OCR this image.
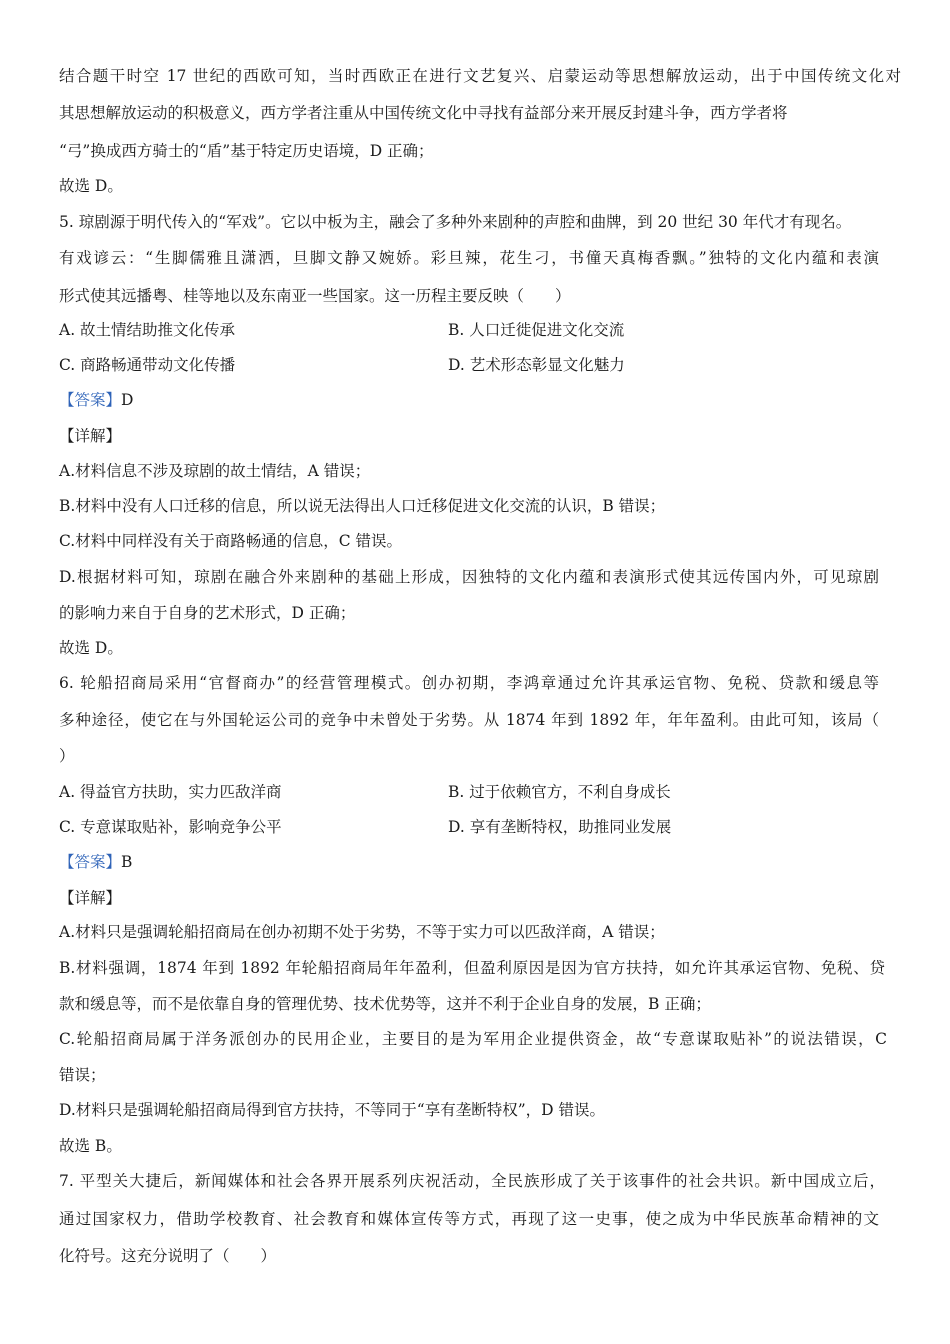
结合题干时空 17 世纪的西欧可知，当时西欧正在进行文艺复兴、启蒙运动等思想解放运动，出于中国传统文化对
其思想解放运动的积极意义，西方学者注重从中国传统文化中寻找有益部分来开展反封建斗争，西方学者将
“弓”换成西方骑士的“盾”基于特定历史语境，D 正确；
故选 D。
5. 琼剧源于明代传入的“军戏”。它以中板为主，融会了多种外来剧种的声腔和曲牌，到 20 世纪 30 年代才有现名。
有戏谚云：“生脚儒雅且潇洒，旦脚文静又婉娇。彩旦辣，花生刁，书僮天真梅香飘。”独特的文化内蕴和表演
形式使其远播粤、桂等地以及东南亚一些国家。这一历程主要反映（　　）
A. 故土情结助推文化传承	B. 人口迁徙促进文化交流
C. 商路畅通带动文化传播	D. 艺术形态彰显文化魅力
【答案】D
【详解】
A.材料信息不涉及琼剧的故土情结，A 错误；
B.材料中没有人口迁移的信息，所以说无法得出人口迁移促进文化交流的认识，B 错误；
C.材料中同样没有关于商路畅通的信息，C 错误。
D.根据材料可知，琼剧在融合外来剧种的基础上形成，因独特的文化内蕴和表演形式使其远传国内外，可见琼剧
的影响力来自于自身的艺术形式，D 正确；
故选 D。
6. 轮船招商局采用“官督商办”的经营管理模式。创办初期，李鸿章通过允许其承运官物、免税、贷款和缓息等
多种途径，使它在与外国轮运公司的竞争中未曾处于劣势。从 1874 年到 1892 年，年年盈利。由此可知，该局（
）
A. 得益官方扶助，实力匹敌洋商	B. 过于依赖官方，不利自身成长
C. 专意谋取贴补，影响竞争公平	D. 享有垄断特权，助推同业发展
【答案】B
【详解】
A.材料只是强调轮船招商局在创办初期不处于劣势，不等于实力可以匹敌洋商，A 错误；
B.材料强调，1874 年到 1892 年轮船招商局年年盈利，但盈利原因是因为官方扶持，如允许其承运官物、免税、贷
款和缓息等，而不是依靠自身的管理优势、技术优势等，这并不利于企业自身的发展，B 正确；
C.轮船招商局属于洋务派创办的民用企业，主要目的是为军用企业提供资金，故“专意谋取贴补”的说法错误，C
错误；
D.材料只是强调轮船招商局得到官方扶持，不等同于“享有垄断特权”，D 错误。
故选 B。
7. 平型关大捷后，新闻媒体和社会各界开展系列庆祝活动，全民族形成了关于该事件的社会共识。新中国成立后，
通过国家权力，借助学校教育、社会教育和媒体宣传等方式，再现了这一史事，使之成为中华民族革命精神的文
化符号。这充分说明了（　　）
